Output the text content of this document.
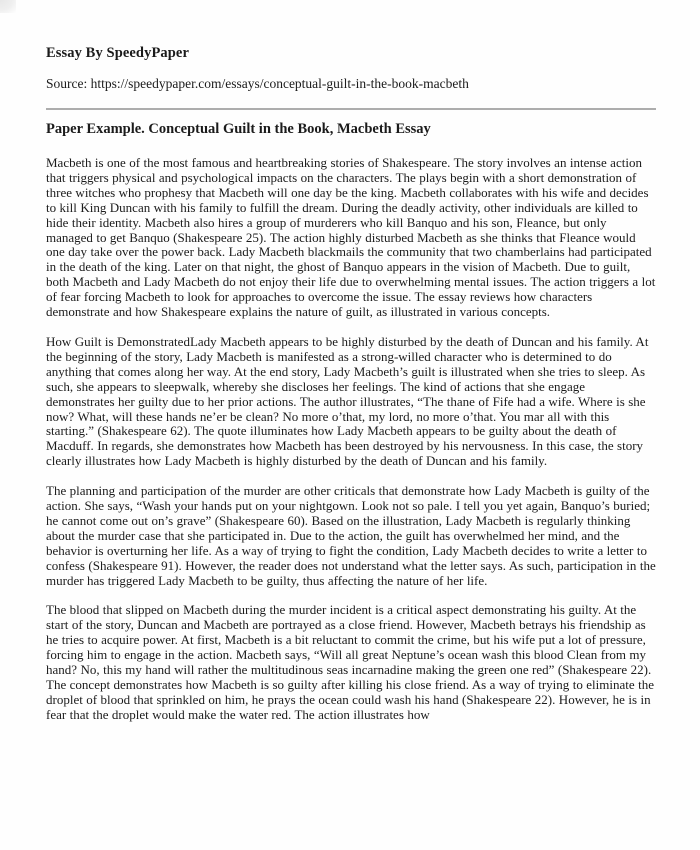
Essay By SpeedyPaper
Source: https://speedypaper.com/essays/conceptual-guilt-in-the-book-macbeth
Paper Example. Conceptual Guilt in the Book, Macbeth Essay

Macbeth is one of the most famous and heartbreaking stories of Shakespeare. The story involves an intense action that triggers physical and psychological impacts on the characters. The plays begin with a short demonstration of three witches who prophesy that Macbeth will one day be the king. Macbeth collaborates with his wife and decides to kill King Duncan with his family to fulfill the dream. During the deadly activity, other individuals are killed to hide their identity. Macbeth also hires a group of murderers who kill Banquo and his son, Fleance, but only managed to get Banquo (Shakespeare 25). The action highly disturbed Macbeth as she thinks that Fleance would one day take over the power back. Lady Macbeth blackmails the community that two chamberlains had participated in the death of the king. Later on that night, the ghost of Banquo appears in the vision of Macbeth. Due to guilt, both Macbeth and Lady Macbeth do not enjoy their life due to overwhelming mental issues. The action triggers a lot of fear forcing Macbeth to look for approaches to overcome the issue. The essay reviews how characters demonstrate and how Shakespeare explains the nature of guilt, as illustrated in various concepts.

How Guilt is DemonstratedLady Macbeth appears to be highly disturbed by the death of Duncan and his family. At the beginning of the story, Lady Macbeth is manifested as a strong-willed character who is determined to do anything that comes along her way. At the end story, Lady Macbeth’s guilt is illustrated when she tries to sleep. As such, she appears to sleepwalk, whereby she discloses her feelings. The kind of actions that she engage demonstrates her guilty due to her prior actions. The author illustrates, “The thane of Fife had a wife. Where is she now? What, will these hands ne’er be clean? No more o’that, my lord, no more o’that. You mar all with this starting.” (Shakespeare 62). The quote illuminates how Lady Macbeth appears to be guilty about the death of Macduff. In regards, she demonstrates how Macbeth has been destroyed by his nervousness. In this case, the story clearly illustrates how Lady Macbeth is highly disturbed by the death of Duncan and his family.

The planning and participation of the murder are other criticals that demonstrate how Lady Macbeth is guilty of the action. She says, “Wash your hands put on your nightgown. Look not so pale. I tell you yet again, Banquo’s buried; he cannot come out on’s grave” (Shakespeare 60). Based on the illustration, Lady Macbeth is regularly thinking about the murder case that she participated in. Due to the action, the guilt has overwhelmed her mind, and the behavior is overturning her life. As a way of trying to fight the condition, Lady Macbeth decides to write a letter to confess (Shakespeare 91). However, the reader does not understand what the letter says. As such, participation in the murder has triggered Lady Macbeth to be guilty, thus affecting the nature of her life.

The blood that slipped on Macbeth during the murder incident is a critical aspect demonstrating his guilty. At the start of the story, Duncan and Macbeth are portrayed as a close friend. However, Macbeth betrays his friendship as he tries to acquire power. At first, Macbeth is a bit reluctant to commit the crime, but his wife put a lot of pressure, forcing him to engage in the action. Macbeth says, “Will all great Neptune’s ocean wash this blood Clean from my hand? No, this my hand will rather the multitudinous seas incarnadine making the green one red” (Shakespeare 22). The concept demonstrates how Macbeth is so guilty after killing his close friend. As a way of trying to eliminate the droplet of blood that sprinkled on him, he prays the ocean could wash his hand (Shakespeare 22). However, he is in fear that the droplet would make the water red. The action illustrates how
